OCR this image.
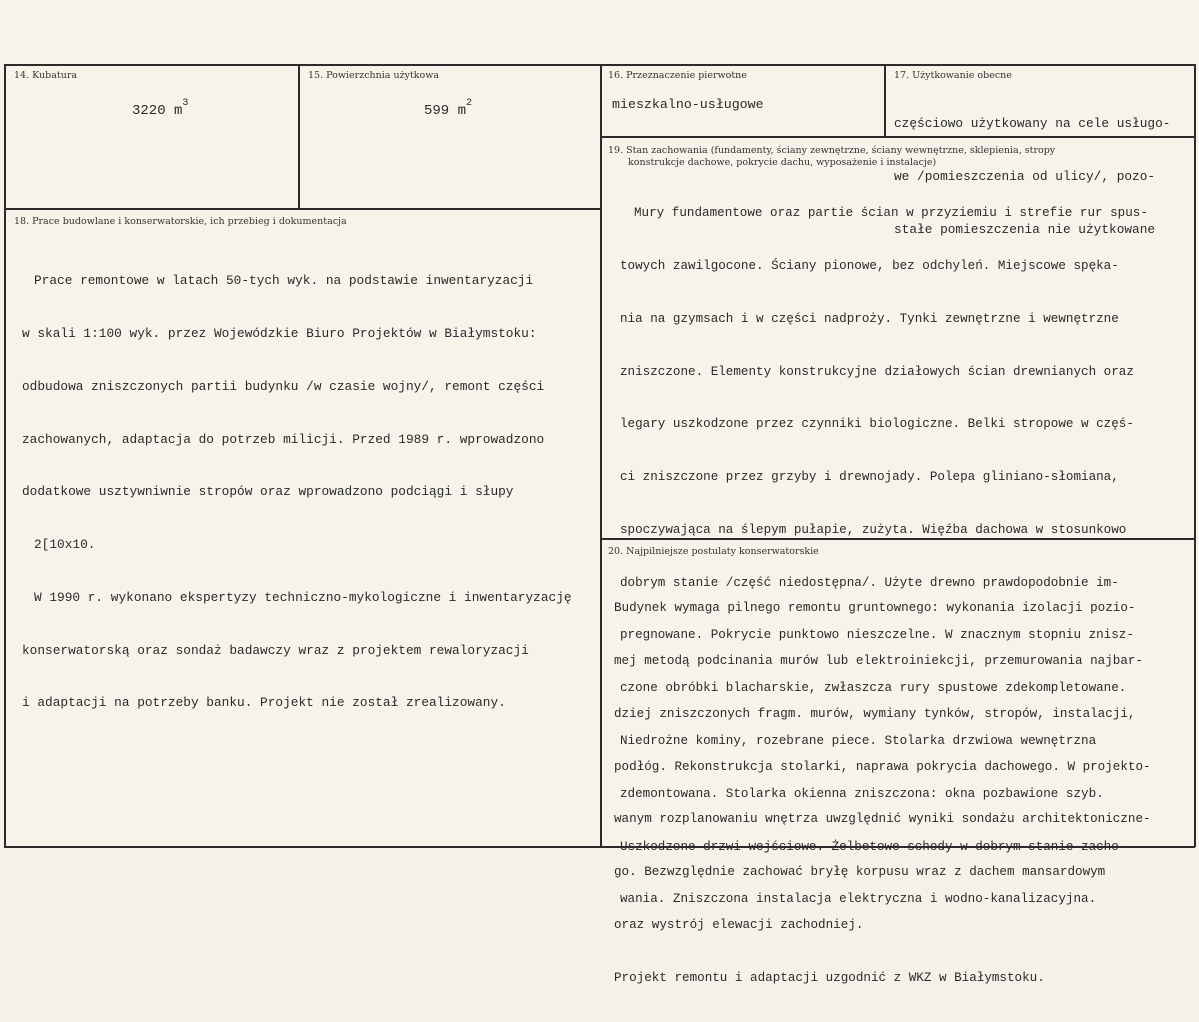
14. Kubatura
3220 $m^3$
15. Powierzchnia użytkowa
599 $m^2$
16. Przeznaczenie pierwotne
mieszkalno-usługowe
17. Użytkowanie obecne

częściowo użytkowany na cele usługo-

we /pomieszczenia od ulicy/, pozo-

stałe pomieszczenia nie użytkowane

18. Prace budowlane i konserwatorskie, ich przebieg i dokumentacja

Prace remontowe w latach 50-tych wyk. na podstawie inwentaryzacji

w skali 1:100 wyk. przez Wojewódzkie Biuro Projektów w Białymstoku:

odbudowa zniszczonych partii budynku /w czasie wojny/, remont części

zachowanych, adaptacja do potrzeb milicji. Przed 1989 r. wprowadzono

dodatkowe usztywniwnie stropów oraz wprowadzono podciągi i słupy

2[10x10.

W 1990 r. wykonano ekspertyzy techniczno-mykologiczne i inwentaryzację

konserwatorską oraz sondaż badawczy wraz z projektem rewaloryzacji

i adaptacji na potrzeby banku. Projekt nie został zrealizowany.

19. Stan zachowania (fundamenty, ściany zewnętrzne, ściany wewnętrzne, sklepienia, stropy
konstrukcje dachowe, pokrycie dachu, wyposażenie i instalacje)

Mury fundamentowe oraz partie ścian w przyziemiu i strefie rur spus-

towych zawilgocone. Ściany pionowe, bez odchyleń. Miejscowe spęka-

nia na gzymsach i w części nadproży. Tynki zewnętrzne i wewnętrzne

zniszczone. Elementy konstrukcyjne działowych ścian drewnianych oraz

legary uszkodzone przez czynniki biologiczne. Belki stropowe w częś-

ci zniszczone przez grzyby i drewnojady. Polepa gliniano-słomiana,

spoczywająca na ślepym pułapie, zużyta. Więźba dachowa w stosunkowo

dobrym stanie /część niedostępna/. Użyte drewno prawdopodobnie im-

pregnowane. Pokrycie punktowo nieszczelne. W znacznym stopniu znisz-

czone obróbki blacharskie, zwłaszcza rury spustowe zdekompletowane.

Niedrożne kominy, rozebrane piece. Stolarka drzwiowa wewnętrzna

zdemontowana. Stolarka okienna zniszczona: okna pozbawione szyb.

Uszkodzone drzwi wejściowe. Żelbetowe schody w dobrym stanie zacho-

wania. Zniszczona instalacja elektryczna i wodno-kanalizacyjna.

20. Najpilniejsze postulaty konserwatorskie

Budynek wymaga pilnego remontu gruntownego: wykonania izolacji pozio-

mej metodą podcinania murów lub elektroiniekcji, przemurowania najbar-

dziej zniszczonych fragm. murów, wymiany tynków, stropów, instalacji,

podłóg. Rekonstrukcja stolarki, naprawa pokrycia dachowego. W projekto-

wanym rozplanowaniu wnętrza uwzględnić wyniki sondażu architektoniczne-

go. Bezwzględnie zachować bryłę korpusu wraz z dachem mansardowym

oraz wystrój elewacji zachodniej.

Projekt remontu i adaptacji uzgodnić z WKZ w Białymstoku.
